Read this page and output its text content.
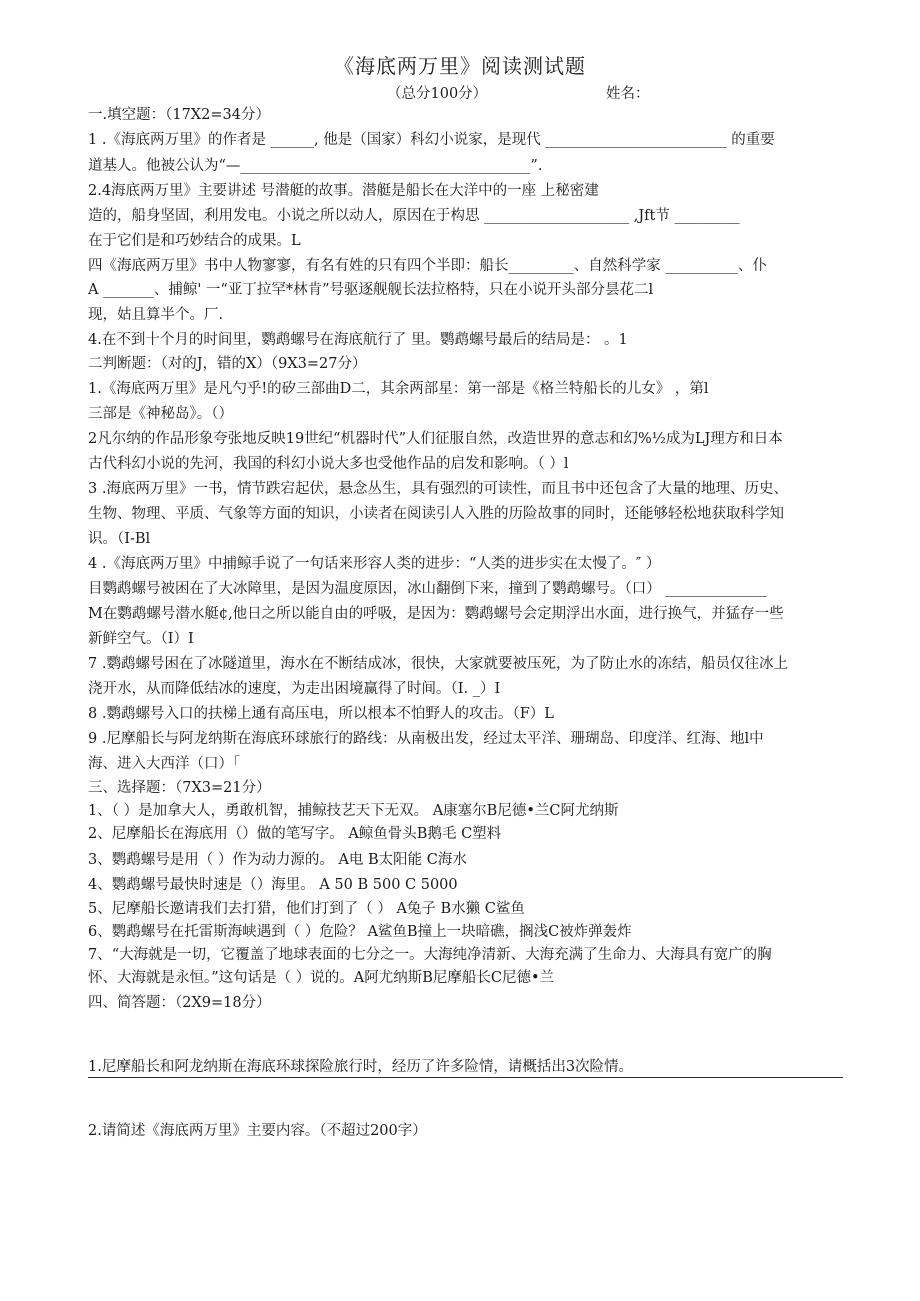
《海底两万里》阅读测试题
（总分100分）	姓名：
一.填空题：（17X2=34分）
1 .《海底两万里》的作者是 ______, 他是（国家）科幻小说家，是现代 _________________________ 的重要
道基人。他被公认为“—________________________________________”.
2.4海底两万里》主要讲述 号潜艇的故事。潜艇是船长在大洋中的一座 上秘密建
造的，船身坚固，利用发电。小说之所以动人，原因在于构思 ____________________ ,Jft节 _________
在于它们是和巧妙结合的成果。L
四《海底两万里》书中人物寥寥，有名有姓的只有四个半即：船长_________、自然科学家 __________、仆
A _______、捕鲸' 一“亚丁拉罕*林肯”号驱逐舰舰长法拉格特，只在小说开头部分昙花二l
现，姑且算半个。厂.
4.在不到十个月的时间里，鹦鹉螺号在海底航行了 里。鹦鹉螺号最后的结局是： 。1
二判断题：（对的J，错的X）（9X3=27分）
1.《海底两万里》是凡勺乎!的矽三部曲D二，其余两部星：第一部是《格兰特船长的儿女》 ，第l
三部是《神秘岛》。（）
2凡尔纳的作品形象夸张地反映19世纪“机器时代”人们征服自然，改造世界的意志和幻%½成为LJ理方和日本
古代科幻小说的先河，我国的科幻小说大多也受他作品的启发和影响。（ ）l
3 .海底两万里》一书，情节跌宕起伏，悬念丛生，具有强烈的可读性，而且书中还包含了大量的地理、历史、
生物、物理、平质、气象等方面的知识，小读者在阅读引人入胜的历险故事的同时，还能够轻松地获取科学知
识。（I-Bl
4 .《海底两万里》中捕鲸手说了一句话来形容人类的进步：“人类的进步实在太慢了。″ ）
目鹦鹉螺号被困在了大冰障里，是因为温度原因，冰山翻倒下来，撞到了鹦鹉螺号。（口） ______________
M在鹦鹉螺号潜水艇¢,他日之所以能自由的呼吸，是因为：鹦鹉螺号会定期浮出水面，进行换气，并猛存一些
新鲜空气。（I）I
7 .鹦鹉螺号困在了冰隧道里，海水在不断结成冰，很快，大家就要被压死，为了防止水的冻结，船员仅往冰上
浇开水，从而降低结冰的速度，为走出困境赢得了时间。（I. _）I
8 .鹦鹉螺号入口的扶梯上通有高压电，所以根本不怕野人的攻击。（F）L
9 .尼摩船长与阿龙纳斯在海底环球旅行的路线：从南极出发，经过太平洋、珊瑚岛、印度洋、红海、地l中
海、进入大西洋（口）「
三、选择题：（7X3=21分）
1、（ ）是加拿大人，勇敢机智，捕鲸技艺天下无双。 A康塞尔B尼德•兰C阿尤纳斯
2、尼摩船长在海底用（）做的笔写字。 A鲸鱼骨头B鹅毛 C塑料
3、鹦鹉螺号是用（ ）作为动力源的。 A电 B太阳能 C海水
4、鹦鹉螺号最快时速是（）海里。 A 50 B 500 C 5000
5、尼摩船长邀请我们去打猎，他们打到了（ ） A兔子 B水獭 C鲨鱼
6、鹦鹉螺号在托雷斯海峡遇到（ ）危险？ A鲨鱼B撞上一块暗礁，搁浅C被炸弹轰炸
7、“大海就是一切，它覆盖了地球表面的七分之一。大海纯净清新、大海充满了生命力、大海具有宽广的胸
怀、大海就是永恒。”这句话是（ ）说的。A阿尤纳斯B尼摩船长C尼德•兰
四、简答题：（2X9=18分）
1.尼摩船长和阿龙纳斯在海底环球探险旅行时，经历了许多险情，请概括出3次险情。
2.请简述《海底两万里》主要内容。（不超过200字）
